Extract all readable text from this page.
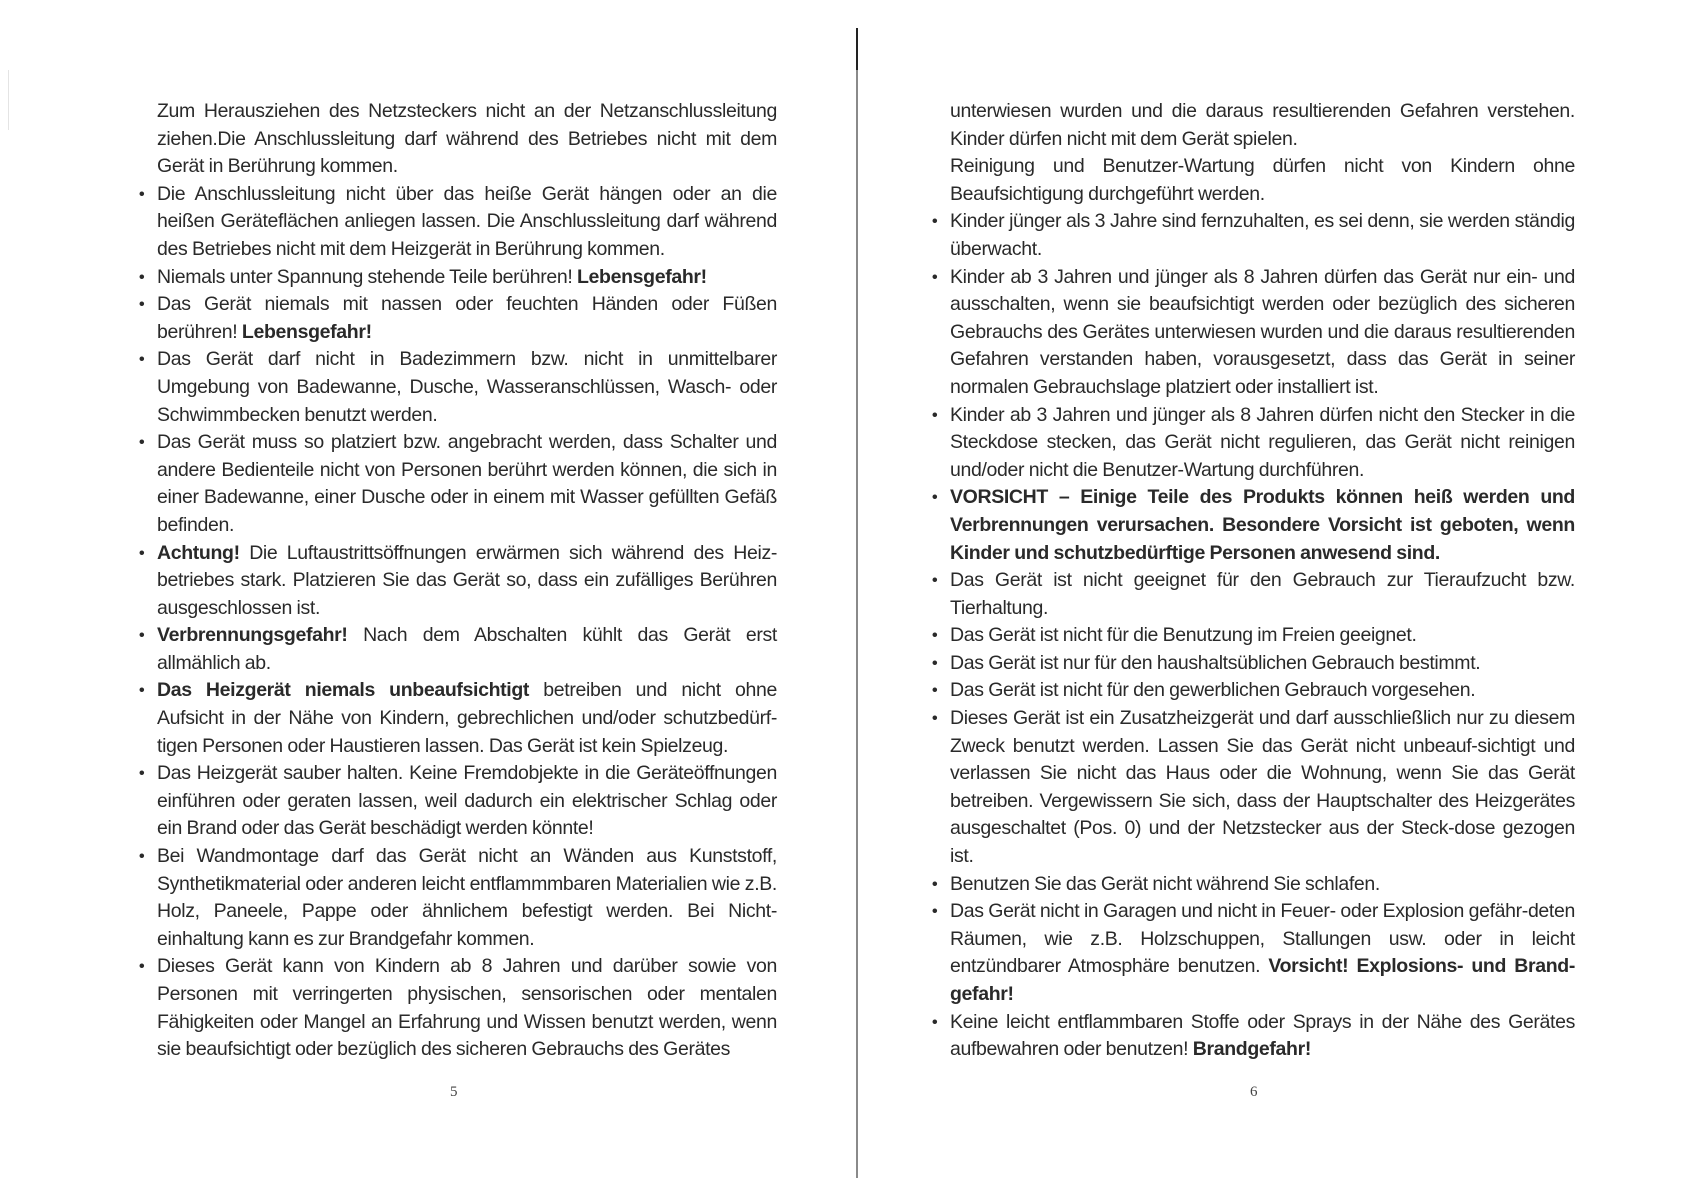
Zum Herausziehen des Netzsteckers nicht an der Netzanschlussleitung ziehen.Die Anschlussleitung darf während des Betriebes nicht mit dem Gerät in Berührung kommen.

• Die Anschlussleitung nicht über das heiße Gerät hängen oder an die heißen Geräteflächen anliegen lassen. Die Anschlussleitung darf während des Betriebes nicht mit dem Heizgerät in Berührung kommen.

• Niemals unter Spannung stehende Teile berühren! Lebensgefahr!

• Das Gerät niemals mit nassen oder feuchten Händen oder Füßen berühren! Lebensgefahr!

• Das Gerät darf nicht in Badezimmern bzw. nicht in unmittelbarer Umgebung von Badewanne, Dusche, Wasseranschlüssen, Wasch- oder Schwimmbecken benutzt werden.

• Das Gerät muss so platziert bzw. angebracht werden, dass Schalter und andere Bedienteile nicht von Personen berührt werden können, die sich in einer Badewanne, einer Dusche oder in einem mit Wasser gefüllten Gefäß befinden.

• Achtung! Die Luftaustrittsöffnungen erwärmen sich während des Heiz-betriebes stark. Platzieren Sie das Gerät so, dass ein zufälliges Berühren ausgeschlossen ist.

• Verbrennungsgefahr! Nach dem Abschalten kühlt das Gerät erst allmählich ab.

• Das Heizgerät niemals unbeaufsichtigt betreiben und nicht ohne Aufsicht in der Nähe von Kindern, gebrechlichen und/oder schutzbedürf-tigen Personen oder Haustieren lassen. Das Gerät ist kein Spielzeug.

• Das Heizgerät sauber halten. Keine Fremdobjekte in die Geräteöffnungen einführen oder geraten lassen, weil dadurch ein elektrischer Schlag oder ein Brand oder das Gerät beschädigt werden könnte!

• Bei Wandmontage darf das Gerät nicht an Wänden aus Kunststoff, Synthetikmaterial oder anderen leicht entflammmbaren Materialien wie z.B. Holz, Paneele, Pappe oder ähnlichem befestigt werden. Bei Nicht-einhaltung kann es zur Brandgefahr kommen.

• Dieses Gerät kann von Kindern ab 8 Jahren und darüber sowie von Personen mit verringerten physischen, sensorischen oder mentalen Fähigkeiten oder Mangel an Erfahrung und Wissen benutzt werden, wenn sie beaufsichtigt oder bezüglich des sicheren Gebrauchs des Gerätes

5

unterwiesen wurden und die daraus resultierenden Gefahren verstehen. Kinder dürfen nicht mit dem Gerät spielen.

Reinigung und Benutzer-Wartung dürfen nicht von Kindern ohne Beaufsichtigung durchgeführt werden.

• Kinder jünger als 3 Jahre sind fernzuhalten, es sei denn, sie werden ständig überwacht.

• Kinder ab 3 Jahren und jünger als 8 Jahren dürfen das Gerät nur ein- und ausschalten, wenn sie beaufsichtigt werden oder bezüglich des sicheren Gebrauchs des Gerätes unterwiesen wurden und die daraus resultierenden Gefahren verstanden haben, vorausgesetzt, dass das Gerät in seiner normalen Gebrauchslage platziert oder installiert ist.

• Kinder ab 3 Jahren und jünger als 8 Jahren dürfen nicht den Stecker in die Steckdose stecken, das Gerät nicht regulieren, das Gerät nicht reinigen und/oder nicht die Benutzer-Wartung durchführen.

• VORSICHT – Einige Teile des Produkts können heiß werden und Verbrennungen verursachen. Besondere Vorsicht ist geboten, wenn Kinder und schutzbedürftige Personen anwesend sind.

• Das Gerät ist nicht geeignet für den Gebrauch zur Tieraufzucht bzw. Tierhaltung.

• Das Gerät ist nicht für die Benutzung im Freien geeignet.

• Das Gerät ist nur für den haushaltsüblichen Gebrauch bestimmt.

• Das Gerät ist nicht für den gewerblichen Gebrauch vorgesehen.

• Dieses Gerät ist ein Zusatzheizgerät und darf ausschließlich nur zu diesem Zweck benutzt werden. Lassen Sie das Gerät nicht unbeauf-sichtigt und verlassen Sie nicht das Haus oder die Wohnung, wenn Sie das Gerät betreiben. Vergewissern Sie sich, dass der Hauptschalter des Heizgerätes ausgeschaltet (Pos. 0) und der Netzstecker aus der Steck-dose gezogen ist.

• Benutzen Sie das Gerät nicht während Sie schlafen.

• Das Gerät nicht in Garagen und nicht in Feuer- oder Explosion gefähr-deten Räumen, wie z.B. Holzschuppen, Stallungen usw. oder in leicht entzündbarer Atmosphäre benutzen. Vorsicht! Explosions- und Brand-gefahr!

• Keine leicht entflammbaren Stoffe oder Sprays in der Nähe des Gerätes aufbewahren oder benutzen! Brandgefahr!

6
